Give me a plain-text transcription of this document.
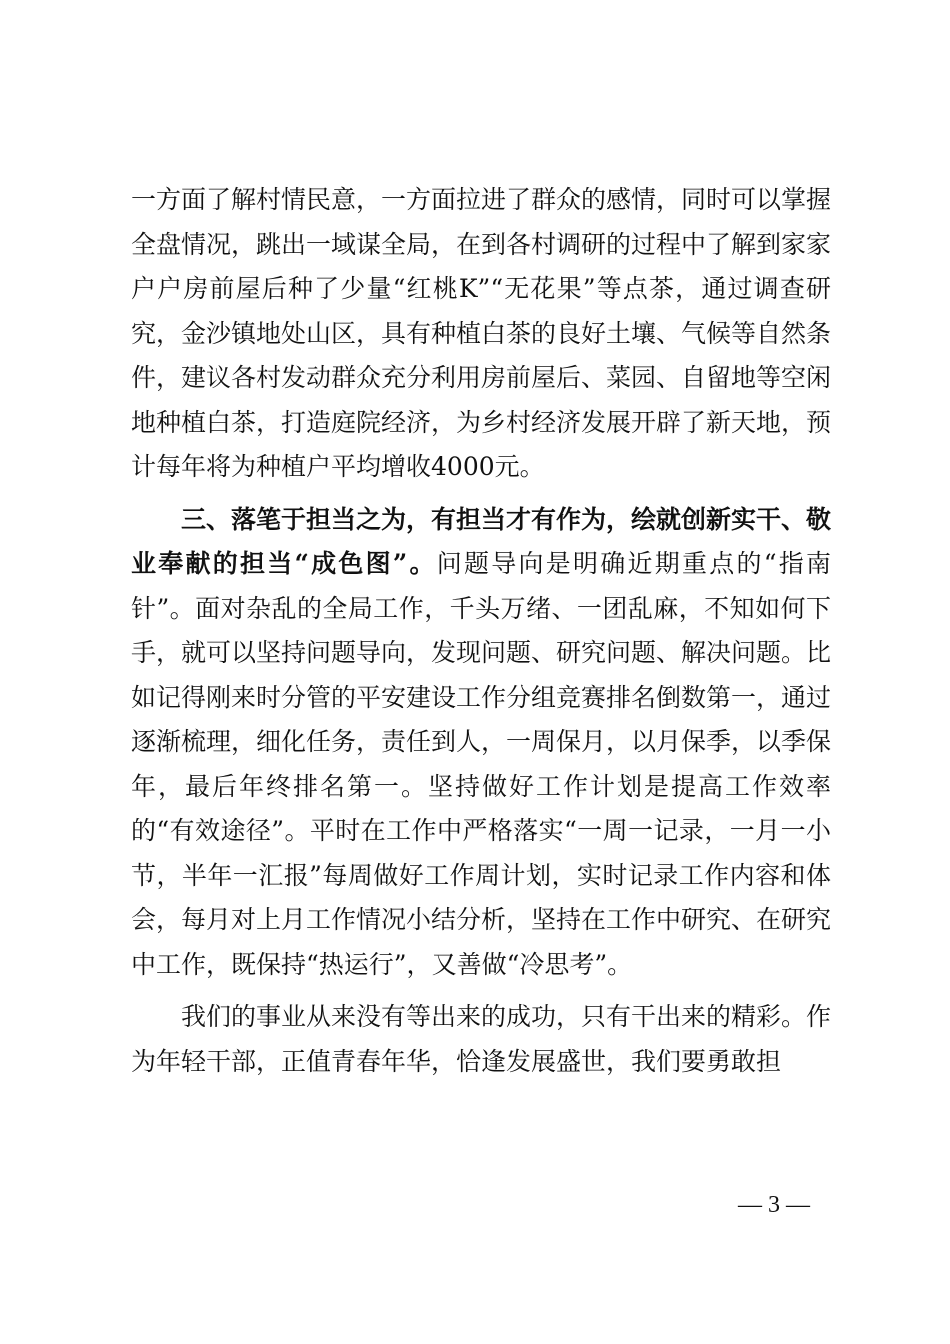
一方面了解村情民意，一方面拉进了群众的感情，同时可以掌握全盘情况，跳出一域谋全局，在到各村调研的过程中了解到家家户户房前屋后种了少量“红桃K”“无花果”等点茶，通过调查研究，金沙镇地处山区，具有种植白茶的良好土壤、气候等自然条件，建议各村发动群众充分利用房前屋后、菜园、自留地等空闲地种植白茶，打造庭院经济，为乡村经济发展开辟了新天地，预计每年将为种植户平均增收4000元。

三、落笔于担当之为，有担当才有作为，绘就创新实干、敬业奉献的担当“成色图”。问题导向是明确近期重点的“指南针”。面对杂乱的全局工作，千头万绪、一团乱麻，不知如何下手，就可以坚持问题导向，发现问题、研究问题、解决问题。比如记得刚来时分管的平安建设工作分组竞赛排名倒数第一，通过逐渐梳理，细化任务，责任到人，一周保月，以月保季，以季保年，最后年终排名第一。坚持做好工作计划是提高工作效率的“有效途径”。平时在工作中严格落实“一周一记录，一月一小节，半年一汇报”每周做好工作周计划，实时记录工作内容和体会，每月对上月工作情况小结分析，坚持在工作中研究、在研究中工作，既保持“热运行”，又善做“冷思考”。

我们的事业从来没有等出来的成功，只有干出来的精彩。作为年轻干部，正值青春年华，恰逢发展盛世，我们要勇敢担

— 3 —
